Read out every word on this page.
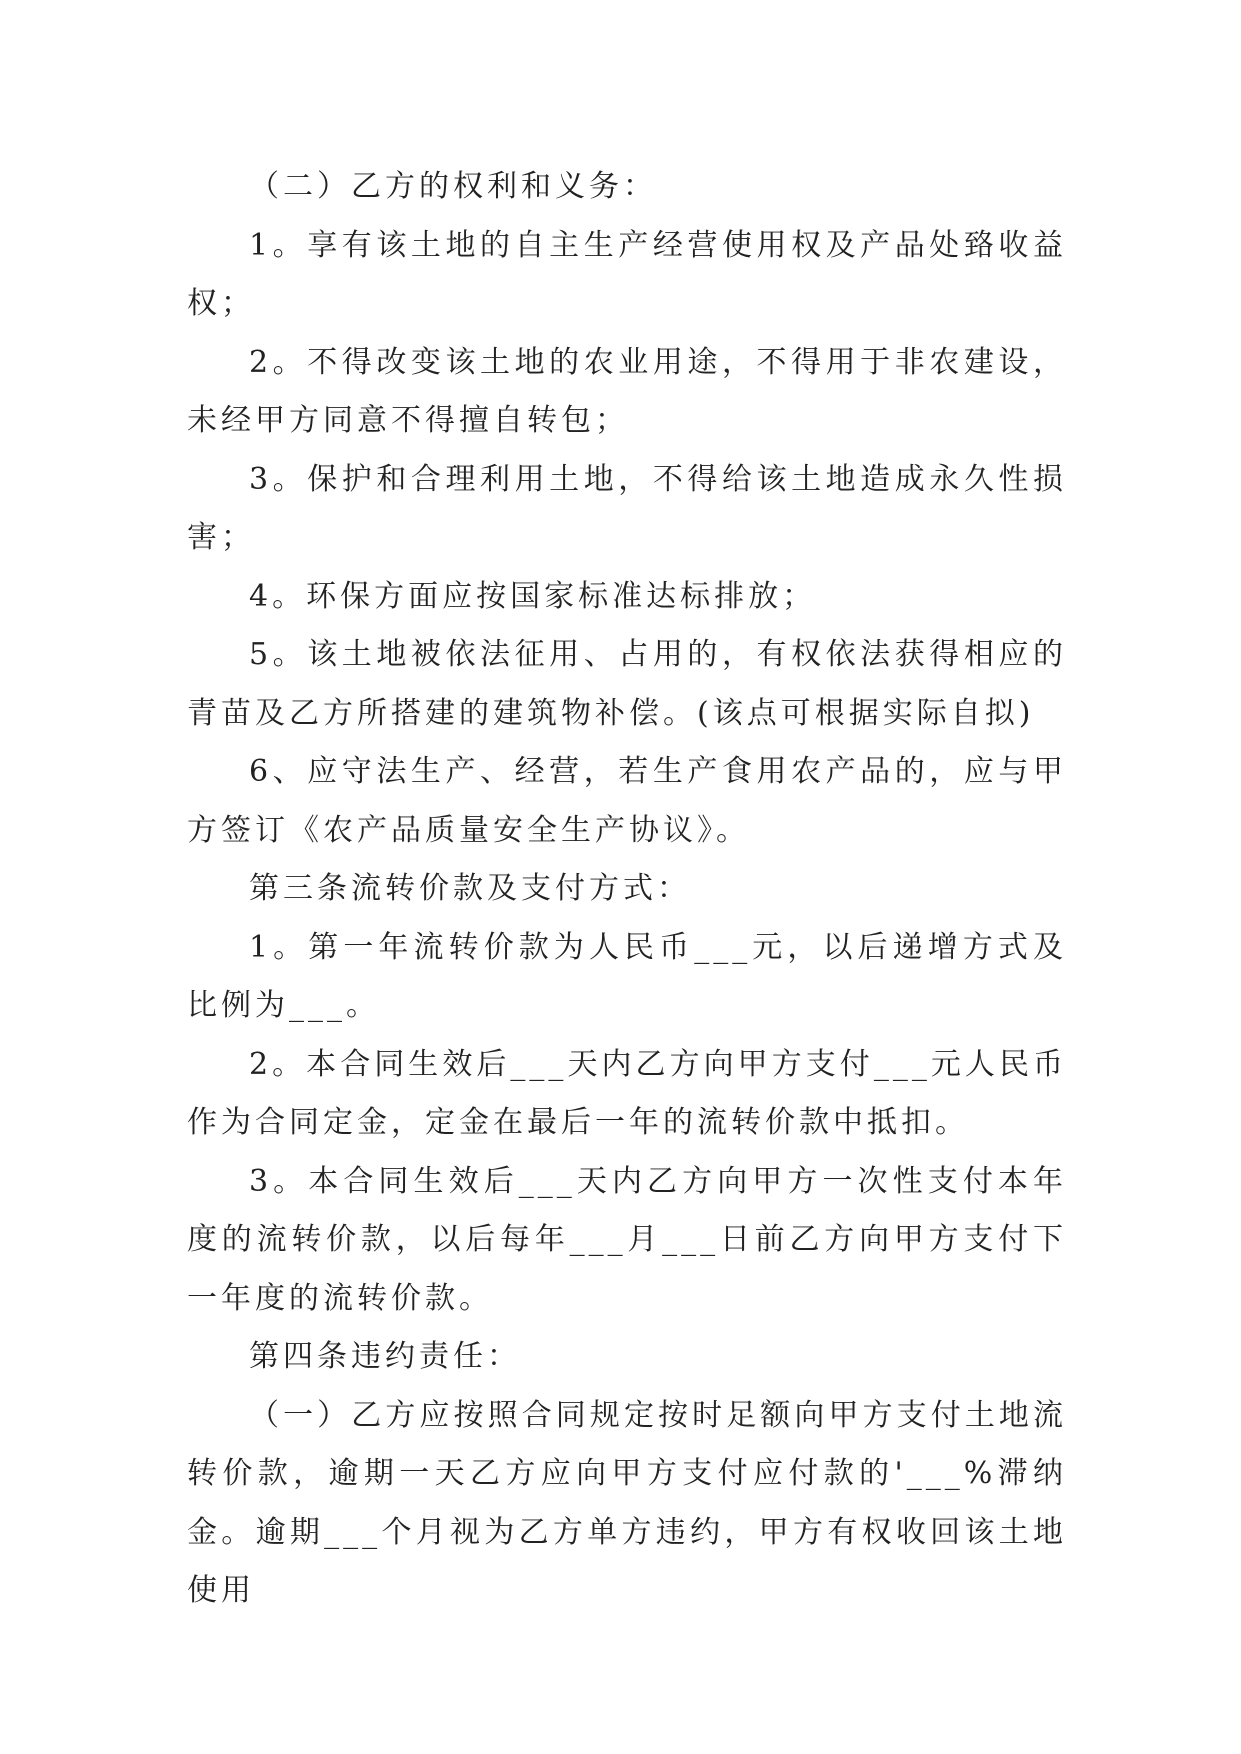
（二）乙方的权利和义务：

1。享有该土地的自主生产经营使用权及产品处臵收益权；

2。不得改变该土地的农业用途，不得用于非农建设，未经甲方同意不得擅自转包；

3。保护和合理利用土地，不得给该土地造成永久性损害；

4。环保方面应按国家标准达标排放；

5。该土地被依法征用、占用的，有权依法获得相应的青苗及乙方所搭建的建筑物补偿。(该点可根据实际自拟)

6、应守法生产、经营，若生产食用农产品的，应与甲方签订《农产品质量安全生产协议》。

第三条流转价款及支付方式：

1。第一年流转价款为人民币___元，以后递增方式及比例为___。

2。本合同生效后___天内乙方向甲方支付___元人民币作为合同定金，定金在最后一年的流转价款中抵扣。

3。本合同生效后___天内乙方向甲方一次性支付本年度的流转价款，以后每年___月___日前乙方向甲方支付下一年度的流转价款。

第四条违约责任：

（一）乙方应按照合同规定按时足额向甲方支付土地流转价款，逾期一天乙方应向甲方支付应付款的'___%滞纳金。逾期___个月视为乙方单方违约，甲方有权收回该土地使用
